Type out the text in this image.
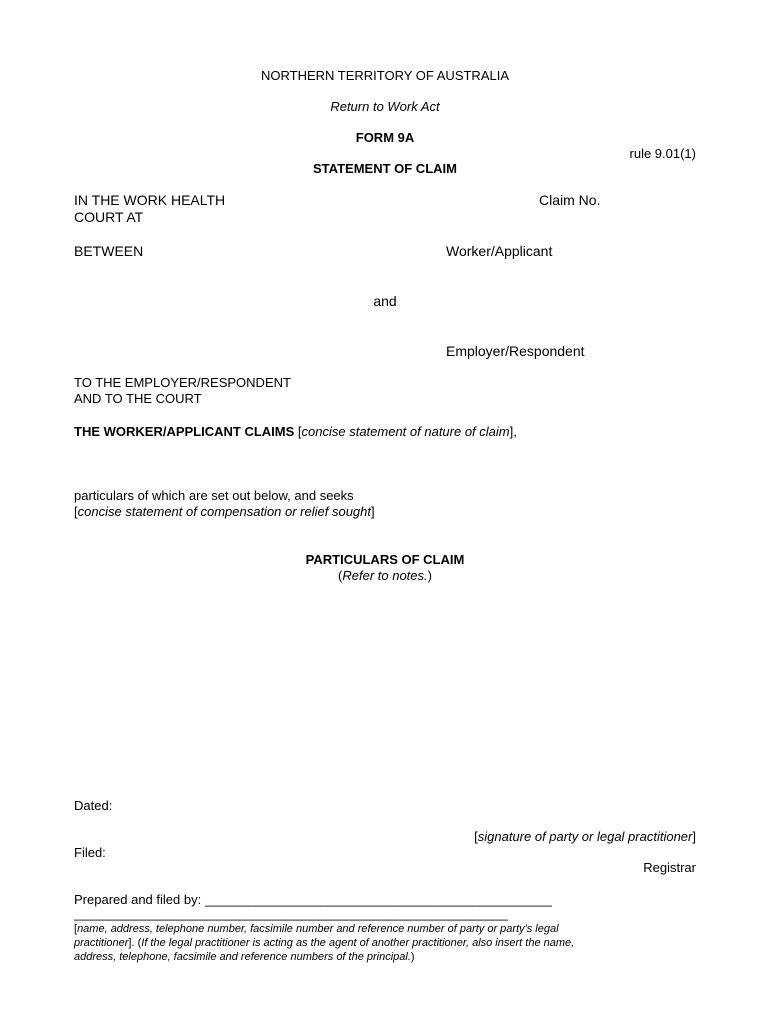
NORTHERN TERRITORY OF AUSTRALIA
Return to Work Act
FORM 9A
rule 9.01(1)
STATEMENT OF CLAIM
IN THE WORK HEALTH
COURT AT
Claim No.
BETWEEN	Worker/Applicant
and
Employer/Respondent
TO THE EMPLOYER/RESPONDENT
AND TO THE COURT
THE WORKER/APPLICANT CLAIMS [concise statement of nature of claim],
particulars of which are set out below, and seeks
[concise statement of compensation or relief sought]
PARTICULARS OF CLAIM
(Refer to notes.)
Dated:
[signature of party or legal practitioner]
Filed:
Registrar
Prepared and filed by: ________________________________________________
____________________________________________________________
[name, address, telephone number, facsimile number and reference number of party or party's legal
practitioner]. (If the legal practitioner is acting as the agent of another practitioner, also insert the name,
address, telephone, facsimile and reference numbers of the principal.)
